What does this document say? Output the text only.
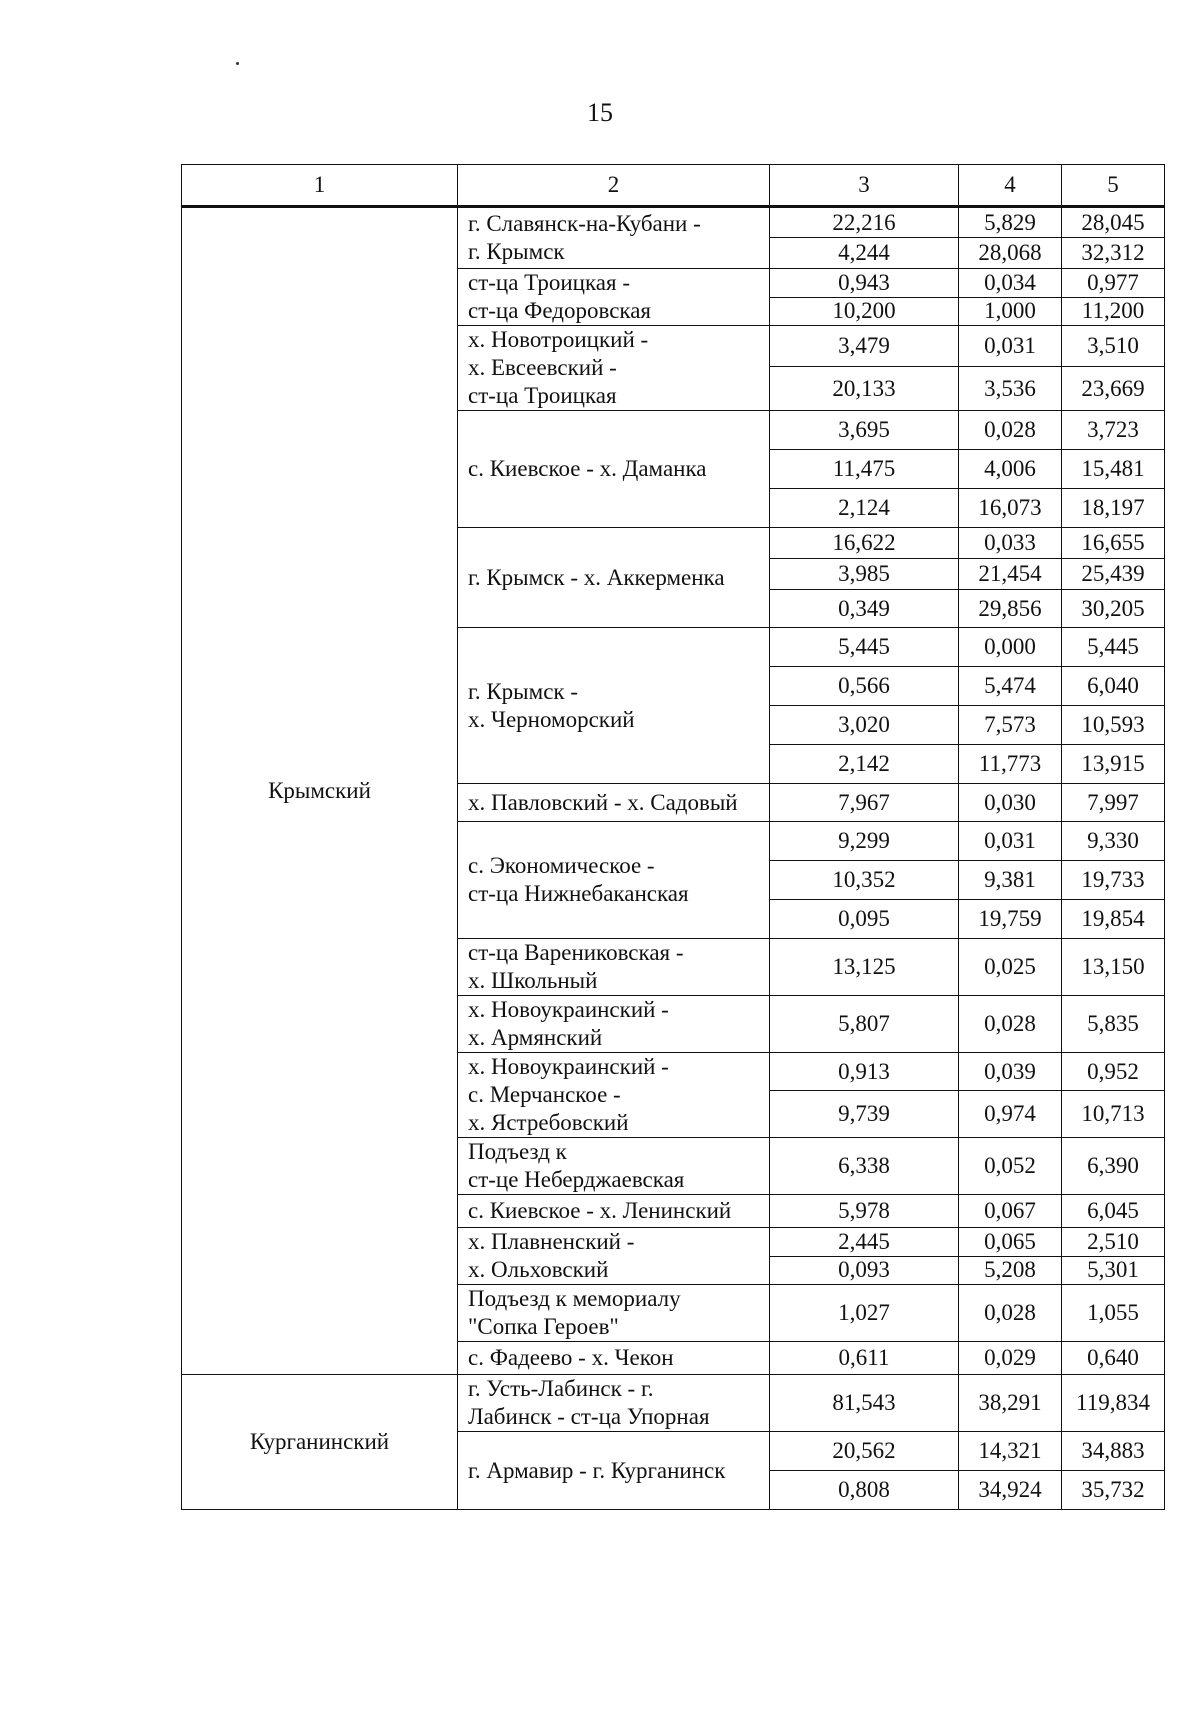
15
1	2	3	4	5
Крымский	г. Славянск-на-Кубани -
г. Крымск	22,216	5,829	28,045
		4,244	28,068	32,312

	ст-ца Троицкая -
ст-ца Федоровская	0,943	0,034	0,977
		10,200	1,000	11,200

	х. Новотроицкий -
х. Евсеевский -
ст-ца Троицкая	3,479	0,031	3,510
		20,133	3,536	23,669

	с. Киевское - х. Даманка	3,695	0,028	3,723
		11,475	4,006	15,481
		2,124	16,073	18,197

	г. Крымск - х. Аккерменка	16,622	0,033	16,655
		3,985	21,454	25,439
		0,349	29,856	30,205

	г. Крымск -
х. Черноморский	5,445	0,000	5,445
		0,566	5,474	6,040
		3,020	7,573	10,593
		2,142	11,773	13,915

	х. Павловский - х. Садовый	7,967	0,030	7,997

	с. Экономическое -
ст-ца Нижнебаканская	9,299	0,031	9,330
		10,352	9,381	19,733
		0,095	19,759	19,854

	ст-ца Варениковская -
х. Школьный	13,125	0,025	13,150

	х. Новоукраинский -
х. Армянский	5,807	0,028	5,835

	х. Новоукраинский -
с. Мерчанское -
х. Ястребовский	0,913	0,039	0,952
		9,739	0,974	10,713

	Подъезд к
ст-це Неберджаевская	6,338	0,052	6,390

	с. Киевское - х. Ленинский	5,978	0,067	6,045

	х. Плавненский -
х. Ольховский	2,445	0,065	2,510
		0,093	5,208	5,301

	Подъезд к мемориалу
"Сопка Героев"	1,027	0,028	1,055

	с. Фадеево - х. Чекон	0,611	0,029	0,640
Курганинский	г. Усть-Лабинск - г.
Лабинск - ст-ца Упорная	81,543	38,291	119,834

	г. Армавир - г. Курганинск	20,562	14,321	34,883
		0,808	34,924	35,732
